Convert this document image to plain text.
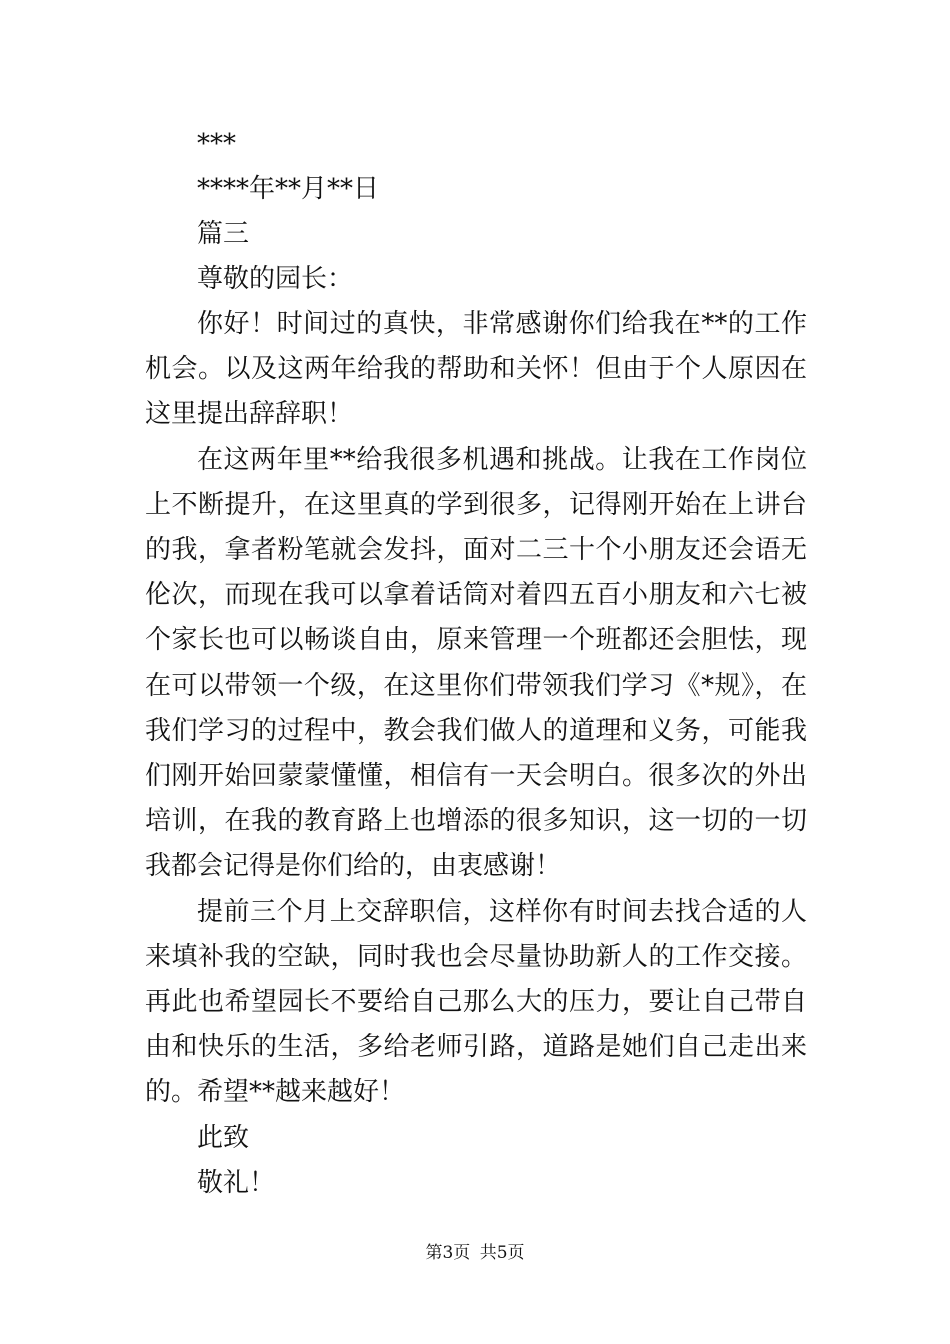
***
****年**月**日
篇三
尊敬的园长：

你好！时间过的真快，非常感谢你们给我在**的工作机会。以及这两年给我的帮助和关怀！但由于个人原因在这里提出辞辞职！

在这两年里**给我很多机遇和挑战。让我在工作岗位上不断提升，在这里真的学到很多，记得刚开始在上讲台的我，拿者粉笔就会发抖，面对二三十个小朋友还会语无伦次，而现在我可以拿着话筒对着四五百小朋友和六七被个家长也可以畅谈自由，原来管理一个班都还会胆怯，现在可以带领一个级，在这里你们带领我们学习《*规》，在我们学习的过程中，教会我们做人的道理和义务，可能我们刚开始回蒙蒙懂懂，相信有一天会明白。很多次的外出培训，在我的教育路上也增添的很多知识，这一切的一切我都会记得是你们给的，由衷感谢！

提前三个月上交辞职信，这样你有时间去找合适的人来填补我的空缺，同时我也会尽量协助新人的工作交接。再此也希望园长不要给自己那么大的压力，要让自己带自由和快乐的生活，多给老师引路，道路是她们自己走出来的。希望**越来越好！

此致
敬礼！
第3页 共5页
